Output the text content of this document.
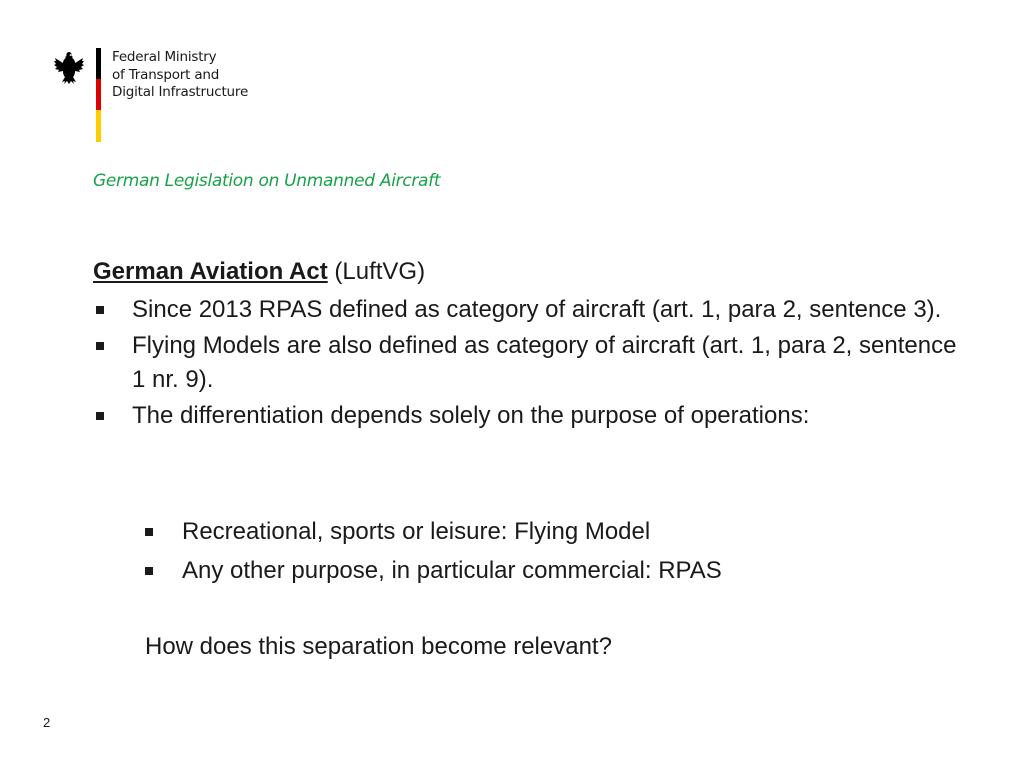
Federal Ministry
of Transport and
Digital Infrastructure
German Legislation on Unmanned Aircraft

German Aviation Act (LuftVG)

Since 2013 RPAS defined as category of aircraft (art. 1, para 2, sentence 3).
Flying Models are also defined as category of aircraft (art. 1, para 2, sentence 1 nr. 9).
The differentiation depends solely on the purpose of operations:
Recreational, sports or leisure: Flying Model
Any other purpose, in particular commercial: RPAS
How does this separation become relevant?
2
